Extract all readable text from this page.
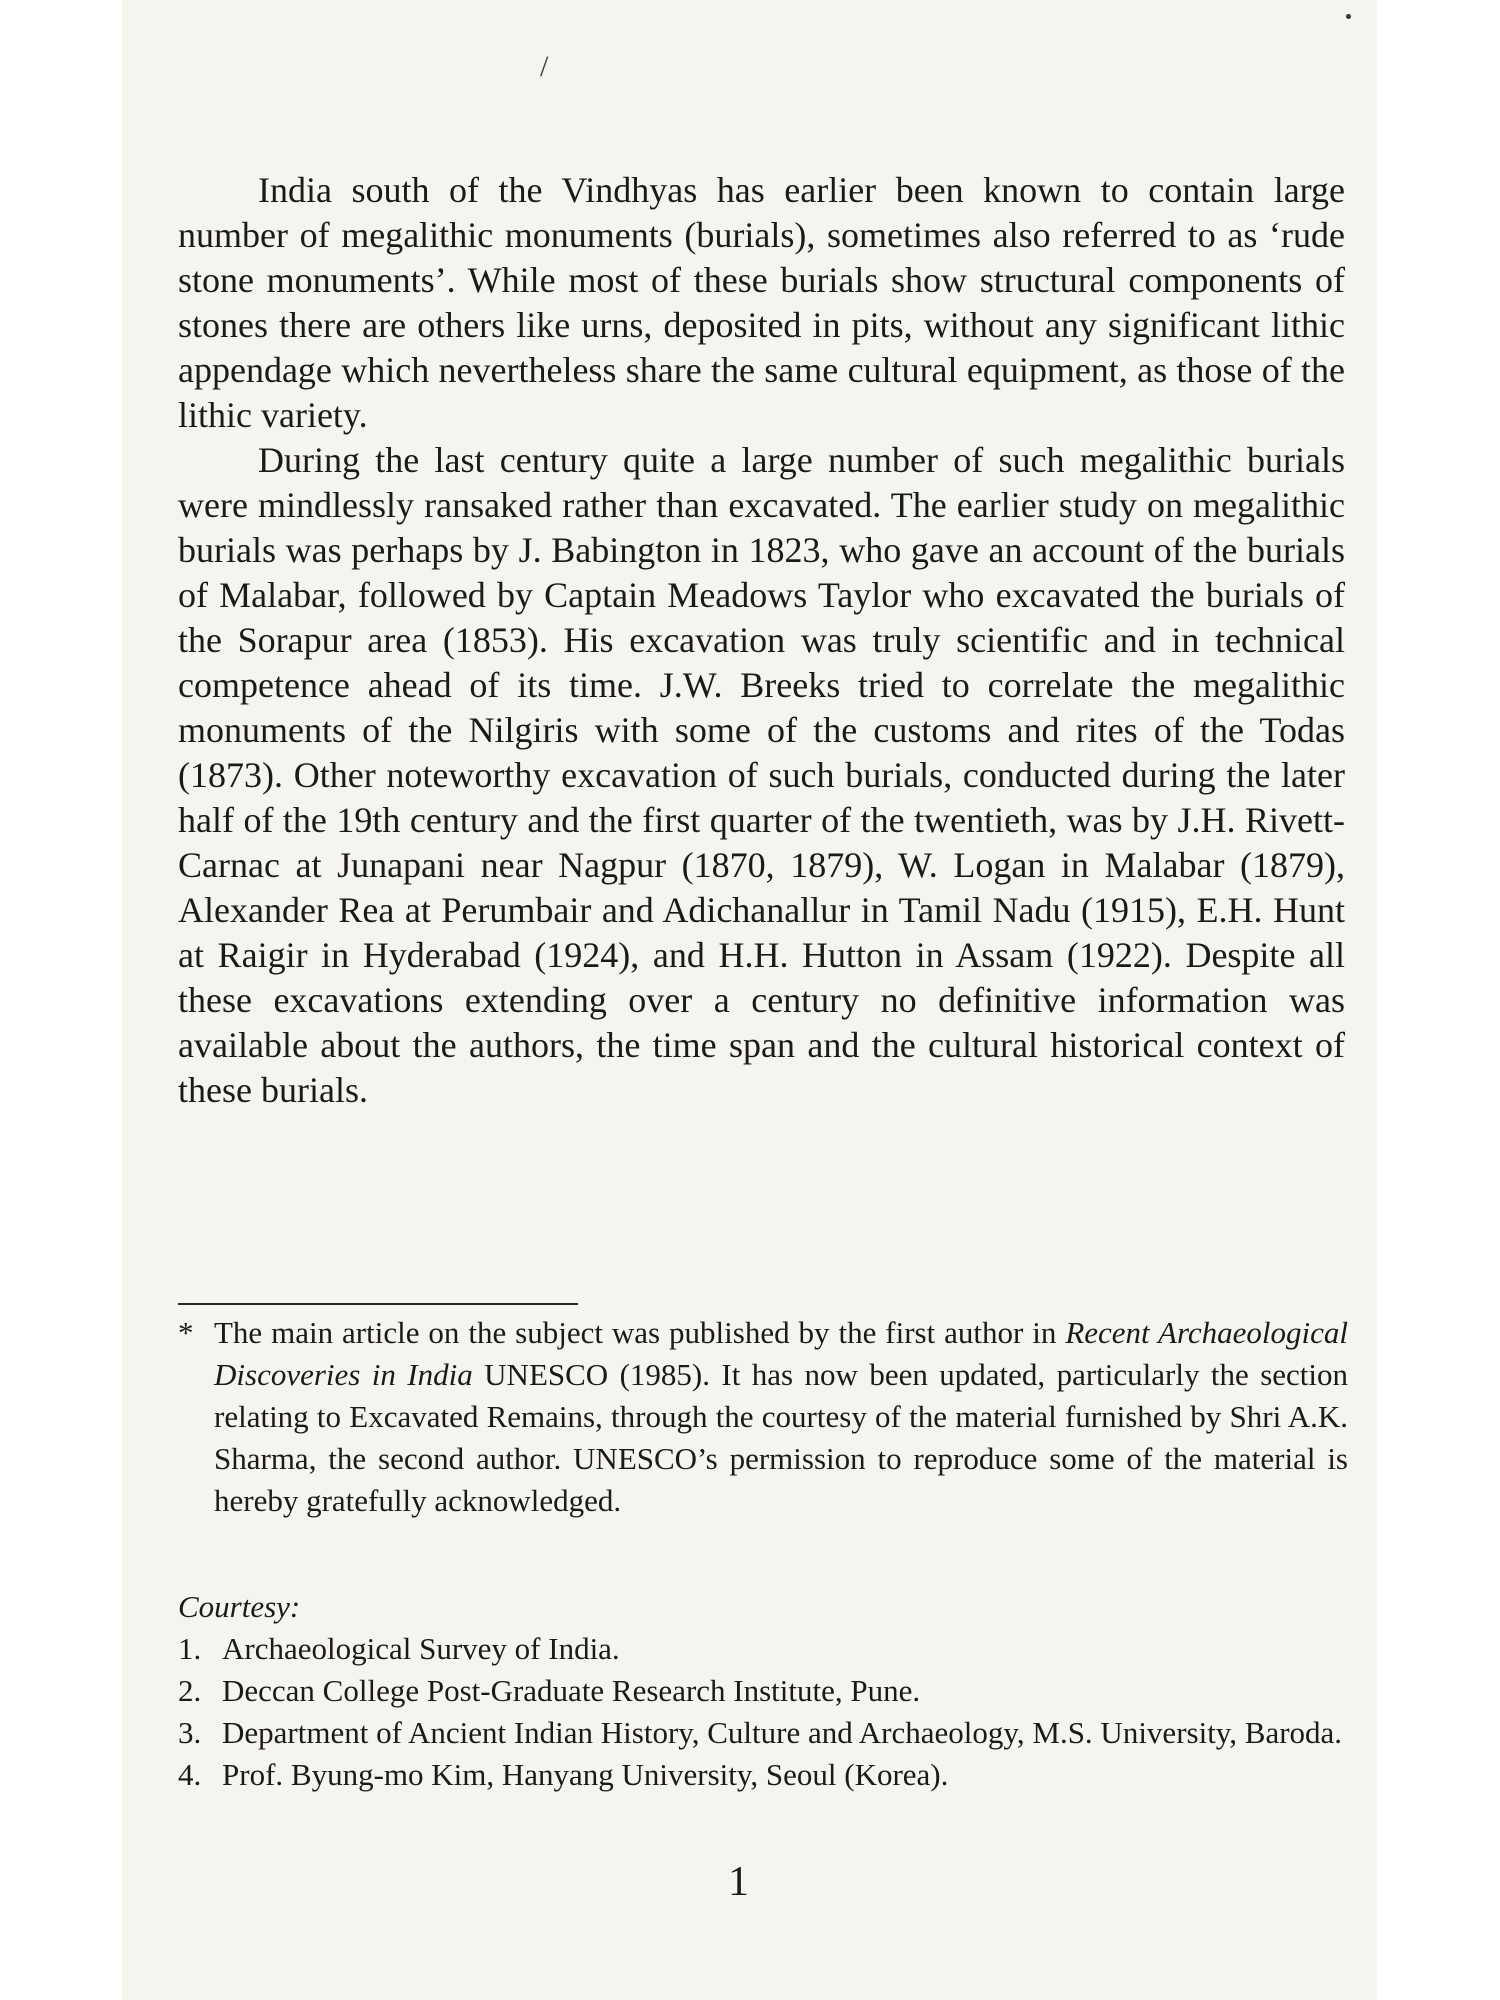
/

India south of the Vindhyas has earlier been known to contain large number of megalithic monuments (burials), sometimes also referred to as ‘rude stone monuments’. While most of these burials show structural components of stones there are others like urns, deposited in pits, without any significant lithic appendage which nevertheless share the same cultural equipment, as those of the lithic variety.

During the last century quite a large number of such megalithic burials were mindlessly ransaked rather than excavated. The earlier study on megalithic burials was perhaps by J. Babington in 1823, who gave an account of the burials of Malabar, followed by Captain Meadows Taylor who excavated the burials of the Sorapur area (1853). His excavation was truly scientific and in technical competence ahead of its time. J.W. Breeks tried to correlate the megalithic monuments of the Nilgiris with some of the customs and rites of the Todas (1873). Other noteworthy excavation of such burials, conducted during the later half of the 19th century and the first quarter of the twentieth, was by J.H. Rivett-Carnac at Junapani near Nagpur (1870, 1879), W. Logan in Malabar (1879), Alexander Rea at Perumbair and Adichanallur in Tamil Nadu (1915), E.H. Hunt at Raigir in Hyderabad (1924), and H.H. Hutton in Assam (1922). Despite all these excavations extending over a century no definitive information was available about the authors, the time span and the cultural historical context of these burials.

* The main article on the subject was published by the first author in Recent Archaeological Discoveries in India UNESCO (1985). It has now been updated, particularly the section relating to Excavated Remains, through the courtesy of the material furnished by Shri A.K. Sharma, the second author. UNESCO’s permission to reproduce some of the material is hereby gratefully acknowledged.
Courtesy:
1. Archaeological Survey of India.
2. Deccan College Post-Graduate Research Institute, Pune.
3. Department of Ancient Indian History, Culture and Archaeology, M.S. University, Baroda.
4. Prof. Byung-mo Kim, Hanyang University, Seoul (Korea).
1
